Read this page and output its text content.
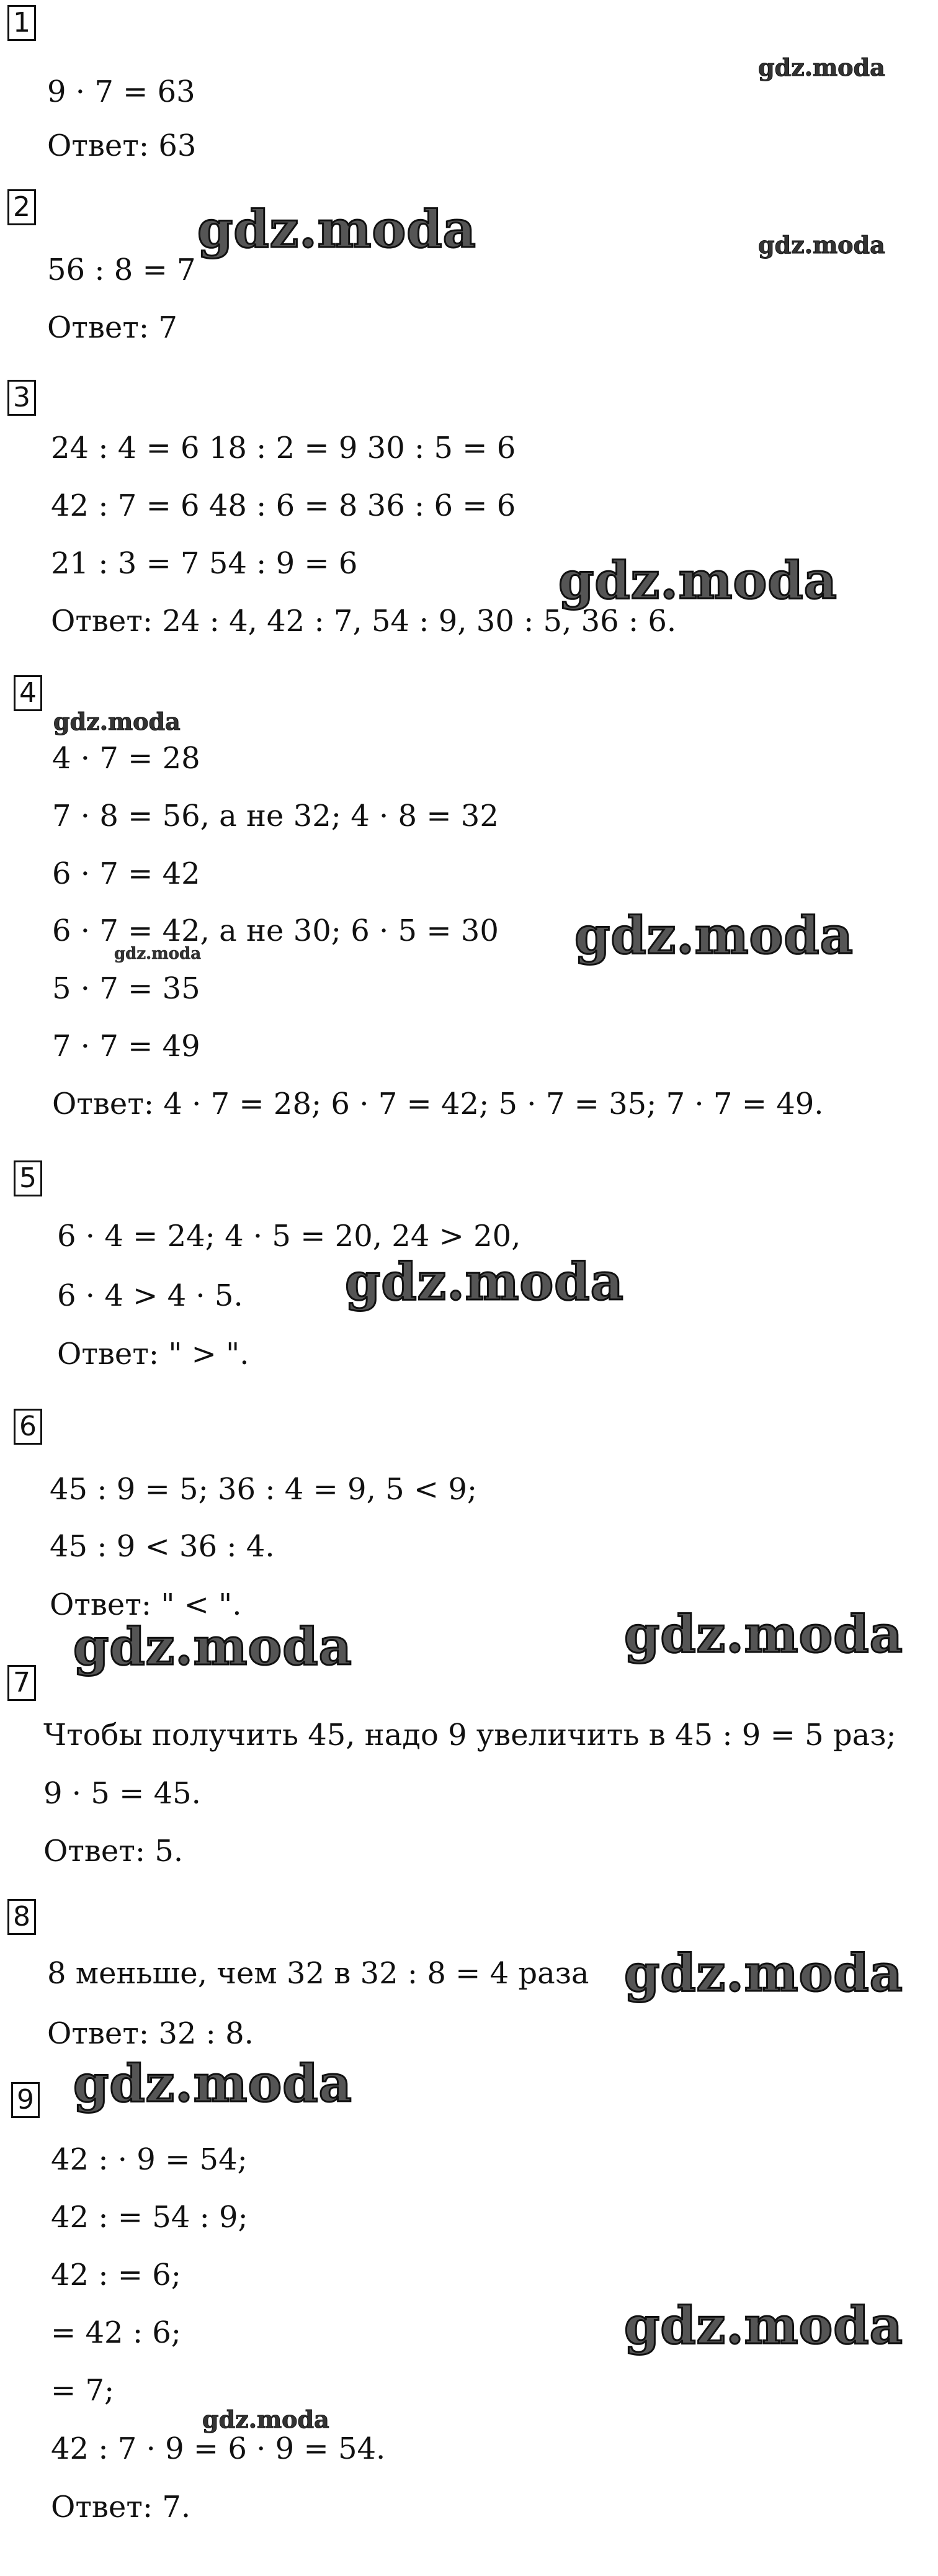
1
9 · 7 = 63
Ответ: 63
2
56 : 8 = 7
Ответ: 7
3
24 : 4 = 6 18 : 2 = 9 30 : 5 = 6
42 : 7 = 6 48 : 6 = 8 36 : 6 = 6
21 : 3 = 7 54 : 9 = 6
Ответ: 24 : 4, 42 : 7, 54 : 9, 30 : 5, 36 : 6.
4
4 · 7 = 28
7 · 8 = 56, а не 32; 4 · 8 = 32
6 · 7 = 42
6 · 7 = 42, а не 30; 6 · 5 = 30
5 · 7 = 35
7 · 7 = 49
Ответ: 4 · 7 = 28; 6 · 7 = 42; 5 · 7 = 35; 7 · 7 = 49.
5
6 · 4 = 24; 4 · 5 = 20, 24 > 20,
6 · 4 > 4 · 5.
Ответ: " > ".
6
45 : 9 = 5; 36 : 4 = 9, 5 < 9;
45 : 9 < 36 : 4.
Ответ: " < ".
7
Чтобы получить 45, надо 9 увеличить в 45 : 9 = 5 раз;
9 · 5 = 45.
Ответ: 5.
8
8 меньше, чем 32 в 32 : 8 = 4 раза
Ответ: 32 : 8.
9
42 : · 9 = 54;
42 : = 54 : 9;
42 : = 6;
= 42 : 6;
= 7;
42 : 7 · 9 = 6 · 9 = 54.
Ответ: 7.
gdz.moda
gdz.moda	gdz.moda
gdz.moda
gdz.moda
gdz.moda
gdz.moda
gdz.moda
gdz.moda	gdz.moda
gdz.moda
gdz.moda
gdz.moda
gdz.moda
